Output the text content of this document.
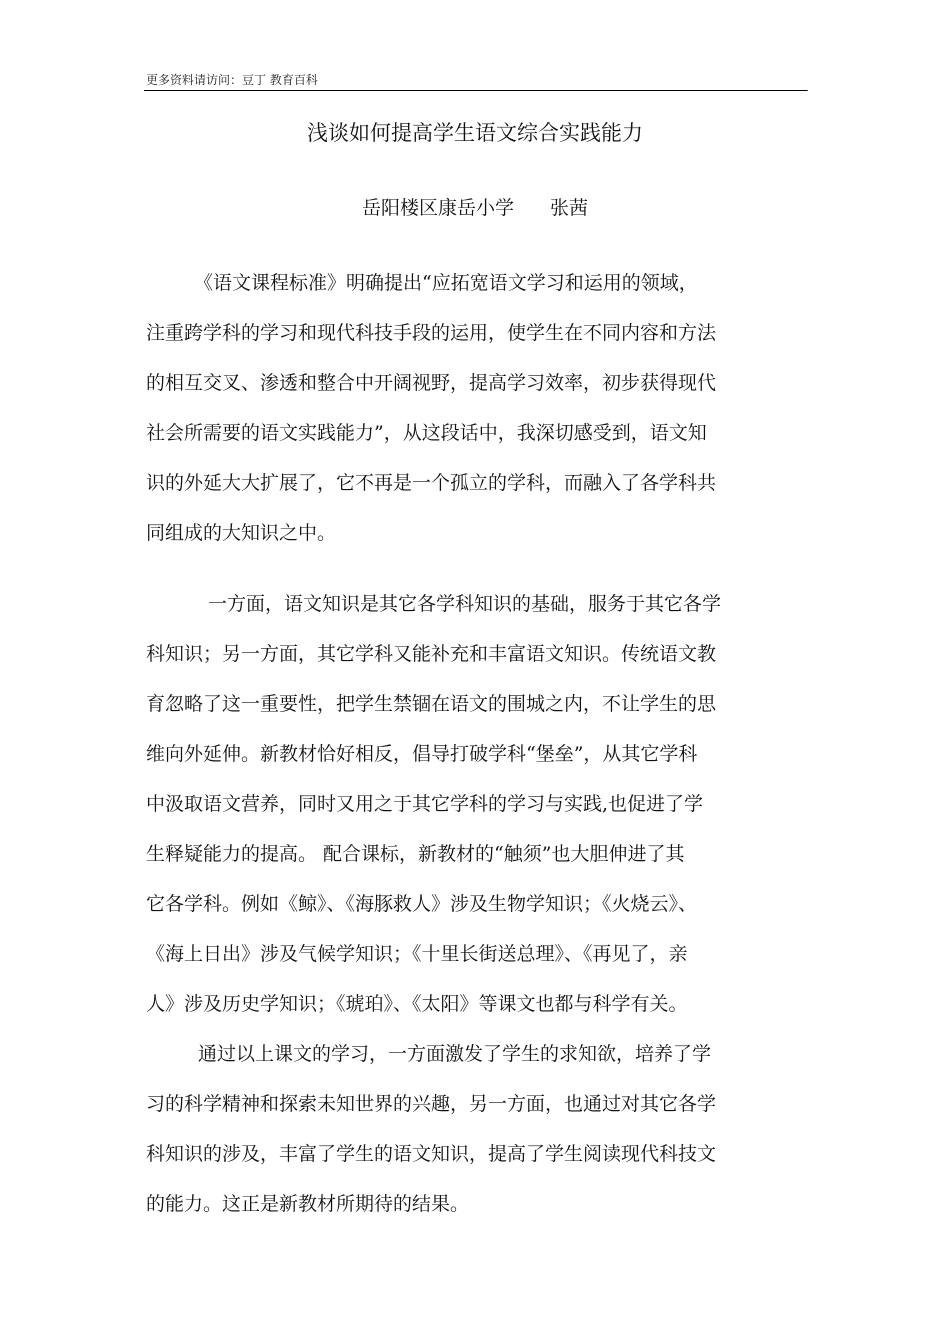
更多资料请访问：豆丁 教育百科
.
浅谈如何提高学生语文综合实践能力
岳阳楼区康岳小学 张茜
《语文课程标准》明确提出“应拓宽语文学习和运用的领域，
注重跨学科的学习和现代科技手段的运用，使学生在不同内容和方法
的相互交叉、渗透和整合中开阔视野，提高学习效率，初步获得现代
社会所需要的语文实践能力”，从这段话中，我深切感受到，语文知
识的外延大大扩展了，它不再是一个孤立的学科，而融入了各学科共
同组成的大知识之中。
一方面，语文知识是其它各学科知识的基础，服务于其它各学
科知识；另一方面，其它学科又能补充和丰富语文知识。传统语文教
育忽略了这一重要性，把学生禁锢在语文的围城之内，不让学生的思
维向外延伸。新教材恰好相反，倡导打破学科“堡垒”，从其它学科
中汲取语文营养，同时又用之于其它学科的学习与实践,也促进了学
生释疑能力的提高。 配合课标，新教材的“触须”也大胆伸进了其
它各学科。例如《鲸》、《海豚救人》涉及生物学知识；《火烧云》、
《海上日出》涉及气候学知识；《十里长街送总理》、《再见了，亲
人》涉及历史学知识；《琥珀》、《太阳》等课文也都与科学有关。
通过以上课文的学习，一方面激发了学生的求知欲，培养了学
习的科学精神和探索未知世界的兴趣，另一方面，也通过对其它各学
科知识的涉及，丰富了学生的语文知识，提高了学生阅读现代科技文
的能力。这正是新教材所期待的结果。
